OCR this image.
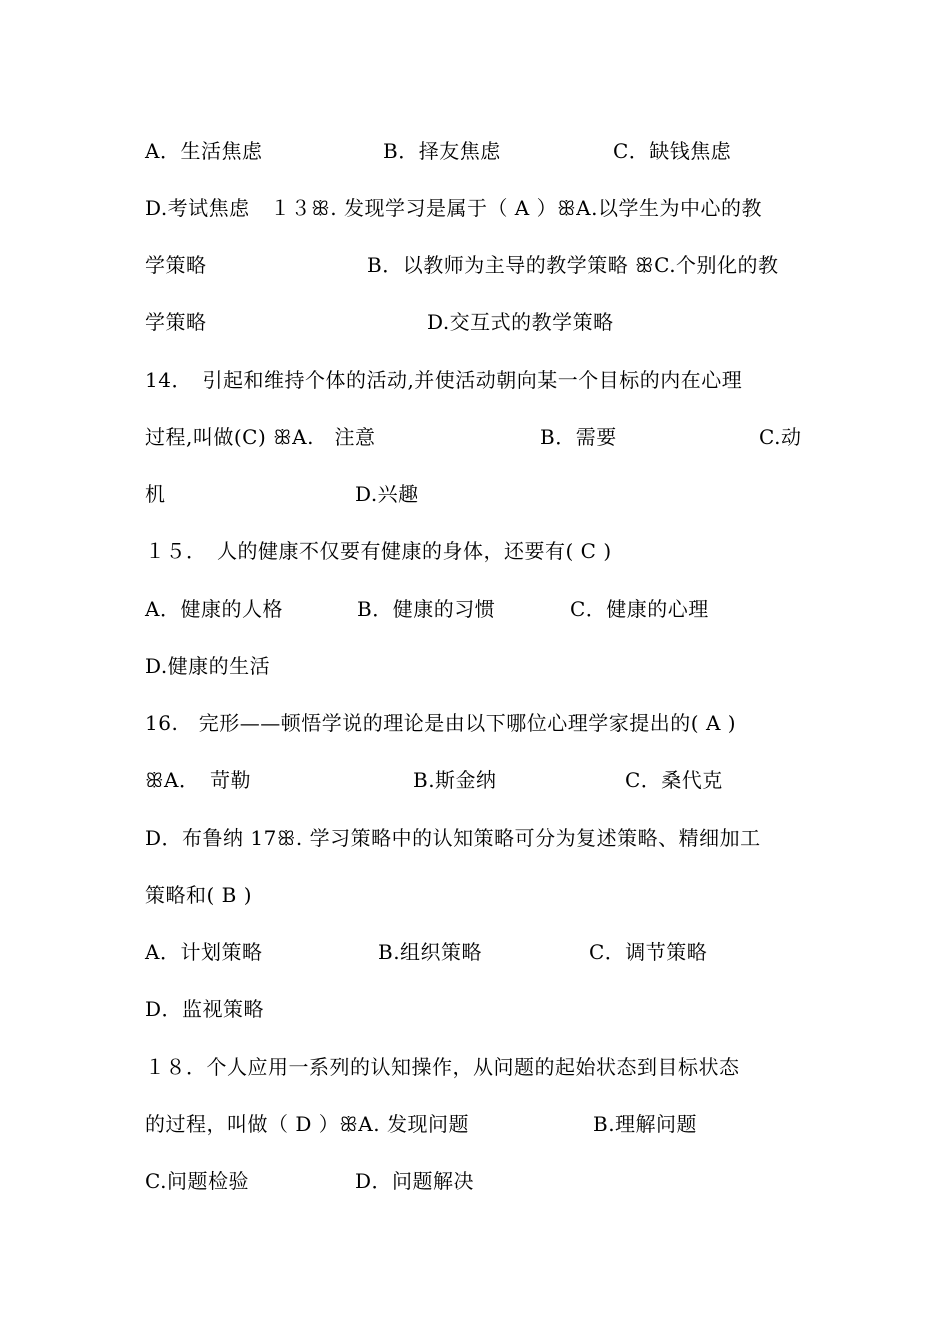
A．生活焦虑

	B．择友焦虑

	C．缺钱焦虑

D.考试焦虑　１３ꕥ. 发现学习是属于（ A ）ꕥA.以学生为中心的教

学策略

	B．以教师为主导的教学策略 ꕥC.个别化的教

学策略

	D.交互式的教学策略

14．　引起和维持个体的活动,并使活动朝向某一个目标的内在心理

过程,叫做(C) ꕥA.　注意

	B．需要

	C.动

机

	D.兴趣

１５．　人的健康不仅要有健康的身体，还要有( C )

A．健康的人格

	B．健康的习惯

	C．健康的心理

D.健康的生活

16.　完形——顿悟学说的理论是由以下哪位心理学家提出的( A )

ꕥA．　苛勒

	B.斯金纳

	C．桑代克

D．布鲁纳 17ꕥ. 学习策略中的认知策略可分为复述策略、精细加工

策略和( B )

A．计划策略

	B.组织策略

	C．调节策略

D．监视策略

１８．个人应用一系列的认知操作，从问题的起始状态到目标状态

的过程，叫做（ D ）ꕥA. 发现问题

	B.理解问题

C.问题检验

	D．问题解决
